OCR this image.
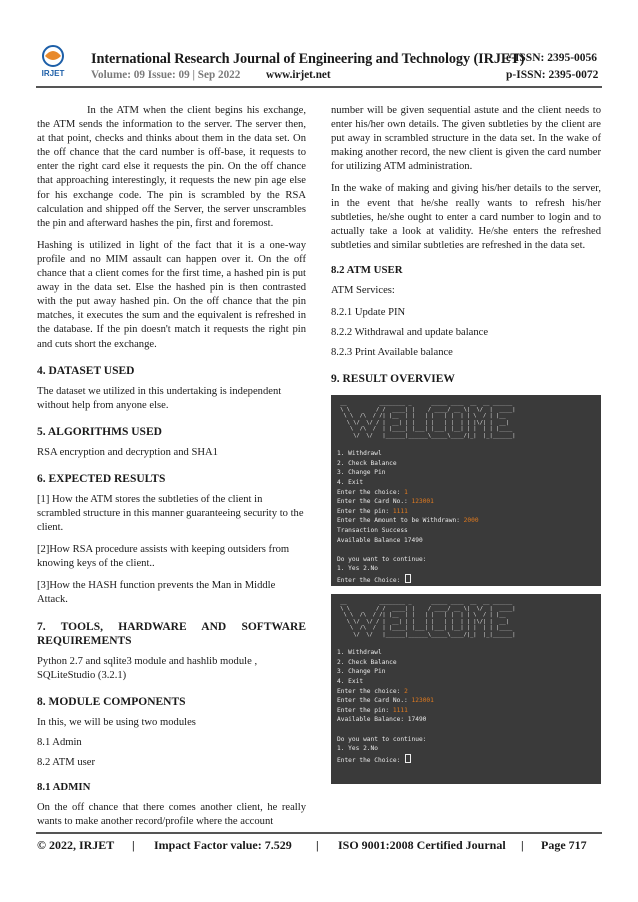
IRJET
International Research Journal of Engineering and Technology (IRJET)
e-ISSN: 2395-0056
Volume: 09 Issue: 09 | Sep 2022 www.irjet.net	p-ISSN: 2395-0072

In the ATM when the client begins his exchange, the ATM sends the information to the server. The server then, at that point, checks and thinks about them in the data set. On the off chance that the card number is off-base, it requests to enter the right card else it requests the pin. On the off chance that approaching interestingly, it requests the new pin age else for his exchange code. The pin is scrambled by the RSA calculation and shipped off the Server, the server unscrambles the pin and afterward hashes the pin, first and foremost.

Hashing is utilized in light of the fact that it is a one-way profile and no MIM assault can happen over it. On the off chance that a client comes for the first time, a hashed pin is put away in the data set. Else the hashed pin is then contrasted with the put away hashed pin. On the off chance that the pin matches, it executes the sum and the equivalent is refreshed in the database. If the pin doesn't match it requests the right pin and cuts short the exchange.

4. DATASET USED

The dataset we utilized in this undertaking is independent without help from anyone else.

5. ALGORITHMS USED

RSA encryption and decryption and SHA1

6. EXPECTED RESULTS

[1] How the ATM stores the subtleties of the client in scrambled structure in this manner guaranteeing security to the client.

[2]How RSA procedure assists with keeping outsiders from knowing keys of the client..

[3]How the HASH function prevents the Man in Middle Attack.

7. TOOLS, HARDWARE AND SOFTWARE REQUIREMENTS

Python 2.7 and sqlite3 module and hashlib module , SQLiteStudio (3.2.1)

8. MODULE COMPONENTS

In this, we will be using two modules

8.1 Admin

8.2 ATM user

8.1 ADMIN

On the off chance that there comes another client, he really wants to make another record/profile where the account

number will be given sequential astute and the client needs to enter his/her own details. The given subtleties by the client are put away in scrambled structure in the data set. In the wake of making another record, the new client is given the card number for utilizing ATM administration.

In the wake of making and giving his/her details to the server, in the event that he/she really wants to refresh his/her subtleties, he/she ought to enter a card number to login and to actually take a look at validity. He/she enters the refreshed subtleties and similar subtleties are refreshed in the data set.

8.2 ATM USER

ATM Services:

8.2.1 Update PIN

8.2.2 Withdrawal and update balance

8.2.3 Print Available balance

9. RESULT OVERVIEW
__          ________ _      _____ ____  __  __ ______
\ \        / /  ____| |    / ____/ __ \|  \/  |  ____|
\ \  /\  / /| |__  | |   | |   | |  | | \  / | |__
\ \/  \/ / |  __| | |   | |   | |  | | |\/| |  __|
\  /\  /  | |____| |___| |___| |__| | |  | | |____
\/  \/   |______|______\_____\____/|_|  |_|______|
1. Withdrawl
2. Check Balance
3. Change Pin
4. Exit
Enter the choice: 1
Enter the Card No.: 123001
Enter the pin: 1111
Enter the Amount to be Withdrawn: 2000
Transaction Success
Available Balance 17490
Do you want to continue:
1. Yes 2.No
Enter the Choice:
__          ________ _      _____ ____  __  __ ______
\ \        / /  ____| |    / ____/ __ \|  \/  |  ____|
\ \  /\  / /| |__  | |   | |   | |  | | \  / | |__
\ \/  \/ / |  __| | |   | |   | |  | | |\/| |  __|
\  /\  /  | |____| |___| |___| |__| | |  | | |____
\/  \/   |______|______\_____\____/|_|  |_|______|
1. Withdrawl
2. Check Balance
3. Change Pin
4. Exit
Enter the choice: 2
Enter the Card No.: 123001
Enter the pin: 1111
Available Balance: 17490
Do you want to continue:
1. Yes 2.No
Enter the Choice:
© 2022, IRJET | Impact Factor value: 7.529 | ISO 9001:2008 Certified Journal | Page 717
